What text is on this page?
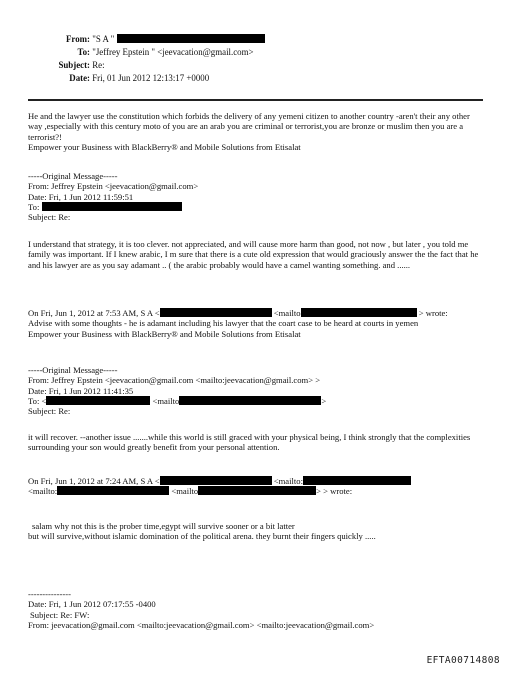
From: "S A "
To: "Jeffrey Epstein " <jeevacation@gmail.com>
Subject: Re:
Date: Fri, 01 Jun 2012 12:13:17 +0000

He and the lawyer use the constitution which forbids the delivery of any yemeni citizen to another country -aren't their any other way ,especially with this century moto of you are an arab you are criminal or terrorist,you are bronze or muslim then you are a terrorist?!

Empower your Business with BlackBerry® and Mobile Solutions from Etisalat

-----Original Message-----

From: Jeffrey Epstein <jeevacation@gmail.com>

Date: Fri, 1 Jun 2012 11:59:51

To:

Subject: Re:

I understand that strategy, it is too clever. not appreciated, and will cause more harm than good, not now , but later , you told me family was important. If I knew arabic, I m sure that there is a cute old expression that would graciously answer the the fact that he and his lawyer are as you say adamant .. ( the arabic probably would have a camel wanting something. and ......

On Fri, Jun 1, 2012 at 7:53 AM, S A <	<mailto	> wrote:

Advise with some thoughts - he is adamant including his lawyer that the coart case to be heard at courts in yemen

Empower your Business with BlackBerry® and Mobile Solutions from Etisalat

-----Original Message-----

From: Jeffrey Epstein <jeevacation@gmail.com <mailto:jeevacation@gmail.com> >

Date: Fri, 1 Jun 2012 11:41:35

To: <	<mailto	>

Subject: Re:

it will recover. --another issue .......while this world is still graced with your physical being, I think strongly that the complexities surrounding your son would greatly benefit from your personal attention.

On Fri, Jun 1, 2012 at 7:24 AM, S A <	<mailto:

<mailto:	<mailto	> > wrote:

salam why not this is the prober time,egypt will survive sooner or a bit latter

but will survive,without islamic domination of the political arena. they burnt their fingers quickly .....

---------------

Date: Fri, 1 Jun 2012 07:17:55 -0400

Subject: Re: FW:

From: jeevacation@gmail.com <mailto:jeevacation@gmail.com> <mailto:jeevacation@gmail.com>

EFTA00714808
